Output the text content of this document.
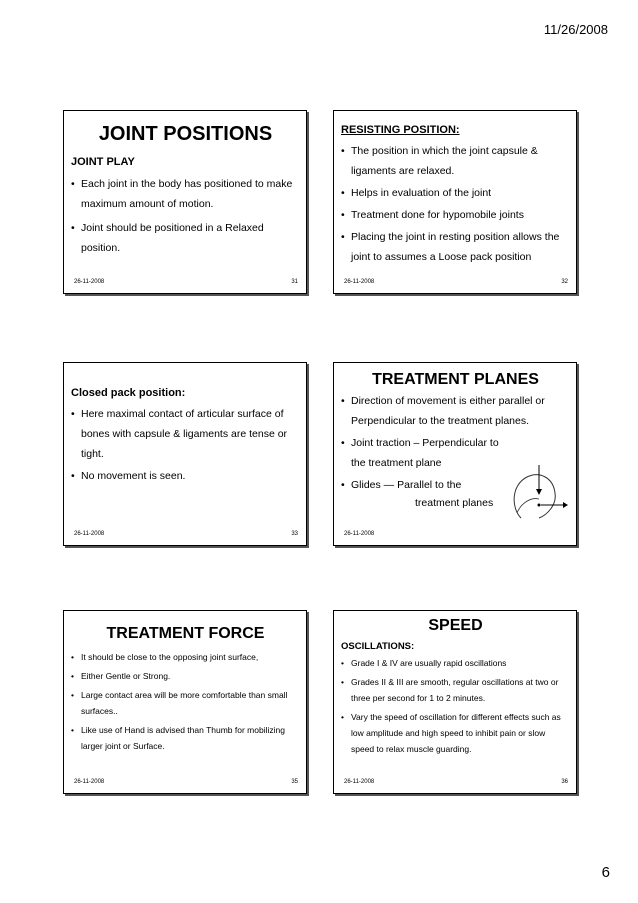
11/26/2008
JOINT POSITIONS
JOINT PLAY
• Each joint in the body has positioned to make maximum amount of motion.
• Joint should be positioned in a Relaxed position.
26-11-2008	31
RESISTING POSITION:
• The position in which the joint capsule & ligaments are relaxed.
• Helps in evaluation of the joint
• Treatment done for hypomobile joints
• Placing the joint in resting position allows the joint to assumes a Loose pack position
26-11-2008	32
Closed pack position:
• Here maximal contact of articular surface of bones with capsule & ligaments are tense or tight.
• No movement is seen.
26-11-2008	33
TREATMENT PLANES
• Direction of movement is either parallel or Perpendicular to the treatment planes.
• Joint traction – Perpendicular to the treatment plane
• Glides — Parallel to the
treatment planes
26-11-2008
TREATMENT FORCE
• It should be close to the opposing joint surface,
• Either Gentle or Strong.
• Large contact area will be more comfortable than small surfaces..
• Like use of Hand is advised than Thumb for mobilizing larger joint or Surface.
26-11-2008	35
SPEED
OSCILLATIONS:
• Grade I & IV are usually rapid oscillations
• Grades II & III are smooth, regular oscillations at two or three per second for 1 to 2 minutes.
• Vary the speed of oscillation for different effects such as low amplitude and high speed to inhibit pain or slow speed to relax muscle guarding.
26-11-2008	36
6
